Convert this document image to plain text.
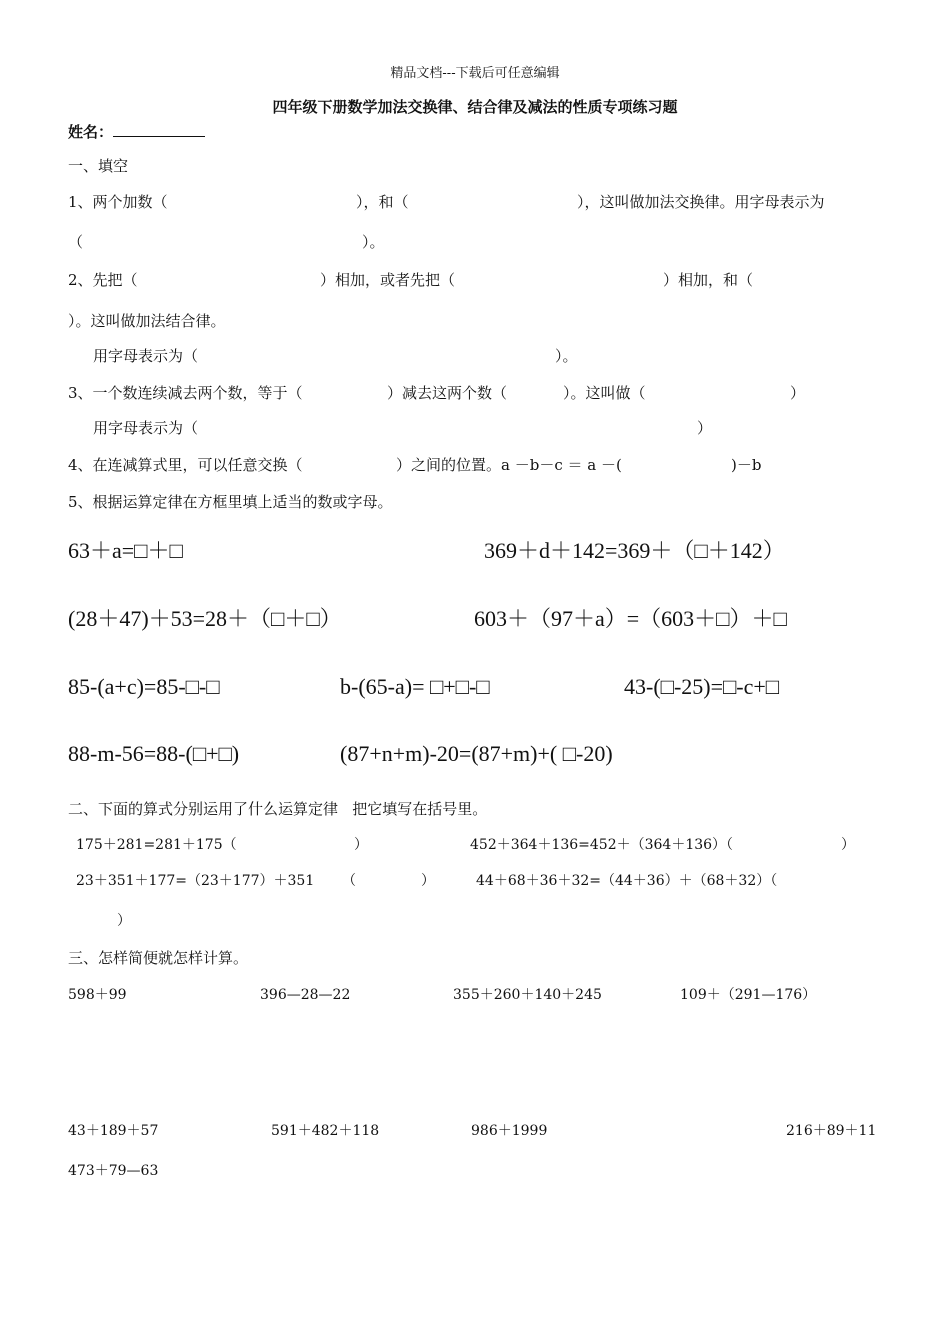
精品文档---下载后可任意编辑
四年级下册数学加法交换律、结合律及减法的性质专项练习题
姓名：
一、填空
1、两个加数（	），和（	），这叫做加法交换律。用字母表示为
（	）。
2、先把（	）相加，或者先把（	）相加，和（
）。这叫做加法结合律。
用字母表示为（	）。
3、一个数连续减去两个数，等于（	）减去这两个数（	）。这叫做（	）
用字母表示为（	）
4、在连减算式里，可以任意交换（	）之间的位置。a －b－c ＝ a －(	)－b
5、根据运算定律在方框里填上适当的数或字母。
63＋a=□＋□	369＋d＋142=369＋（□＋142）
(28＋47)＋53=28＋（□＋□）	603＋（97＋a）=（603＋□）＋□
85-(a+c)=85-□-□	b-(65-a)= □+□-□	43-(□-25)=□-c+□
88-m-56=88-(□+□)	(87+n+m)-20=(87+m)+( □-20)
二、下面的算式分别运用了什么运算定律   把它填写在括号里。
175＋281=281＋175（	）	452＋364＋136=452＋（364＋136）（	）
23＋351＋177=（23＋177）＋351 （	）	44＋68＋36＋32=（44＋36）＋（68＋32）（
）
三、怎样简便就怎样计算。
598＋99	396—28—22	355＋260＋140＋245	109＋（291—176）
43＋189＋57	591＋482＋118	986＋1999	216＋89＋11
473＋79—63
